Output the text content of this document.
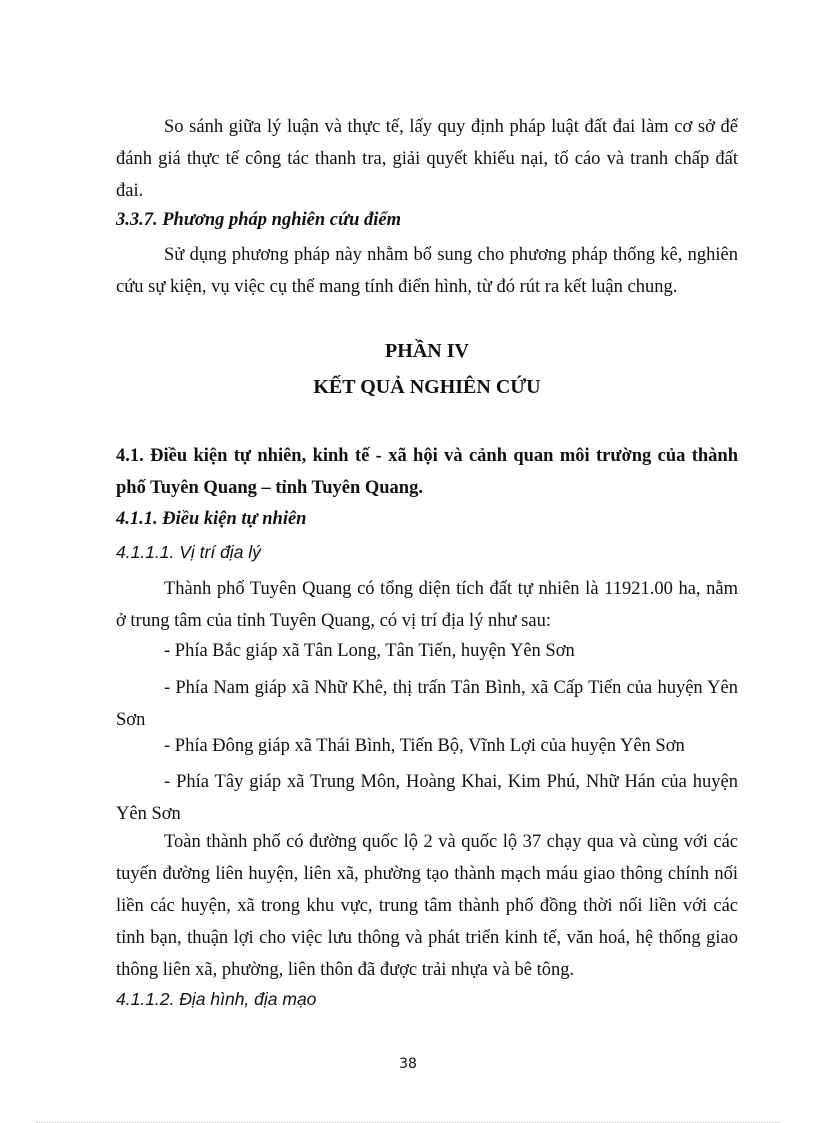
So sánh giữa lý luận và thực tế, lấy quy định pháp luật đất đai làm cơ sở để đánh giá thực tế công tác thanh tra, giải quyết khiếu nại, tố cáo và tranh chấp đất đai.

3.3.7. Phương pháp nghiên cứu điểm

Sử dụng phương pháp này nhằm bổ sung cho phương pháp thống kê, nghiên cứu sự kiện, vụ việc cụ thể mang tính điển hình, từ đó rút ra kết luận chung.

PHẦN IV

KẾT QUẢ NGHIÊN CỨU

4.1. Điều kiện tự nhiên, kinh tế - xã hội và cảnh quan môi trường của thành phố Tuyên Quang – tỉnh Tuyên Quang.

4.1.1. Điều kiện tự nhiên

4.1.1.1. Vị trí địa lý

Thành phố Tuyên Quang có tổng diện tích đất tự nhiên là 11921.00 ha, nằm ở trung tâm của tỉnh Tuyên Quang, có vị trí địa lý như sau:

- Phía Bắc giáp xã Tân Long, Tân Tiến, huyện Yên Sơn

- Phía Nam giáp xã Nhữ Khê, thị trấn Tân Bình, xã Cấp Tiến của huyện Yên Sơn

- Phía Đông giáp xã Thái Bình, Tiến Bộ, Vĩnh Lợi của huyện Yên Sơn

- Phía Tây giáp xã Trung Môn, Hoàng Khai, Kim Phú, Nhữ Hán của huyện Yên Sơn

Toàn thành phố có đường quốc lộ 2 và quốc lộ 37 chạy qua và cùng với các tuyến đường liên huyện, liên xã, phường tạo thành mạch máu giao thông chính nối liền các huyện, xã trong khu vực, trung tâm thành phố đồng thời nối liền với các tỉnh bạn, thuận lợi cho việc lưu thông và phát triển kinh tế, văn hoá, hệ thống giao thông liên xã, phường, liên thôn đã được trải nhựa và bê tông.

4.1.1.2. Địa hình, địa mạo

38
